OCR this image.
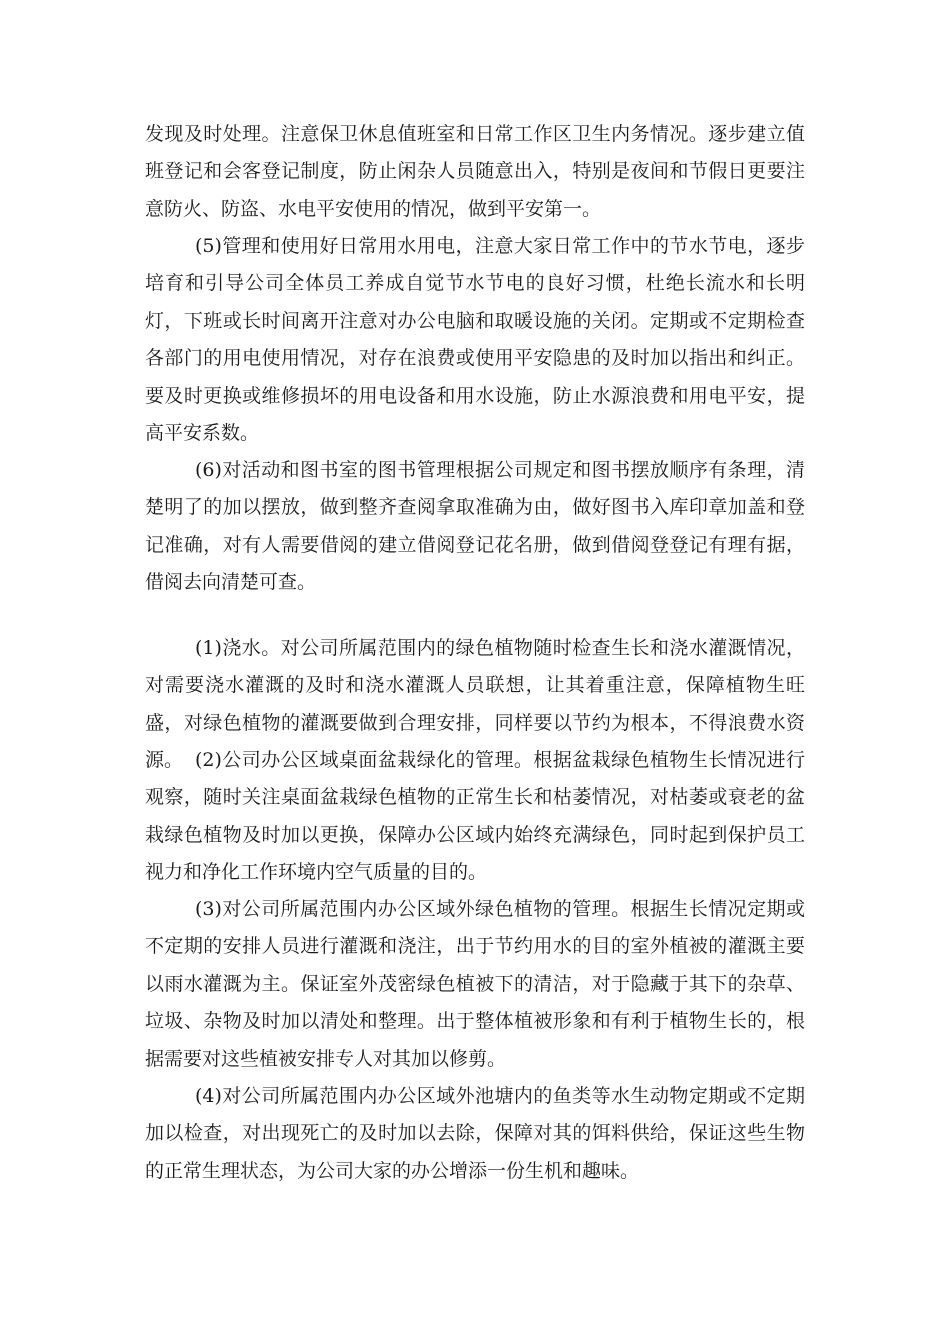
发现及时处理。注意保卫休息值班室和日常工作区卫生内务情况。逐步建立值班登记和会客登记制度，防止闲杂人员随意出入，特别是夜间和节假日更要注意防火、防盗、水电平安使用的情况，做到平安第一。

(5)管理和使用好日常用水用电，注意大家日常工作中的节水节电，逐步培育和引导公司全体员工养成自觉节水节电的良好习惯，杜绝长流水和长明灯，下班或长时间离开注意对办公电脑和取暖设施的关闭。定期或不定期检查各部门的用电使用情况，对存在浪费或使用平安隐患的及时加以指出和纠正。要及时更换或维修损坏的用电设备和用水设施，防止水源浪费和用电平安，提高平安系数。

(6)对活动和图书室的图书管理根据公司规定和图书摆放顺序有条理，清楚明了的加以摆放，做到整齐查阅拿取准确为由，做好图书入库印章加盖和登记准确，对有人需要借阅的建立借阅登记花名册，做到借阅登登记有理有据，借阅去向清楚可查。

(1)浇水。对公司所属范围内的绿色植物随时检查生长和浇水灌溉情况，对需要浇水灌溉的及时和浇水灌溉人员联想，让其着重注意，保障植物生旺盛，对绿色植物的灌溉要做到合理安排，同样要以节约为根本，不得浪费水资源。 (2)公司办公区域桌面盆栽绿化的管理。根据盆栽绿色植物生长情况进行观察，随时关注桌面盆栽绿色植物的正常生长和枯萎情况，对枯萎或衰老的盆栽绿色植物及时加以更换，保障办公区域内始终充满绿色，同时起到保护员工视力和净化工作环境内空气质量的目的。

(3)对公司所属范围内办公区域外绿色植物的管理。根据生长情况定期或不定期的安排人员进行灌溉和浇注，出于节约用水的目的室外植被的灌溉主要以雨水灌溉为主。保证室外茂密绿色植被下的清洁，对于隐藏于其下的杂草、垃圾、杂物及时加以清处和整理。出于整体植被形象和有利于植物生长的，根据需要对这些植被安排专人对其加以修剪。

(4)对公司所属范围内办公区域外池塘内的鱼类等水生动物定期或不定期加以检查，对出现死亡的及时加以去除，保障对其的饵料供给，保证这些生物的正常生理状态，为公司大家的办公增添一份生机和趣味。
